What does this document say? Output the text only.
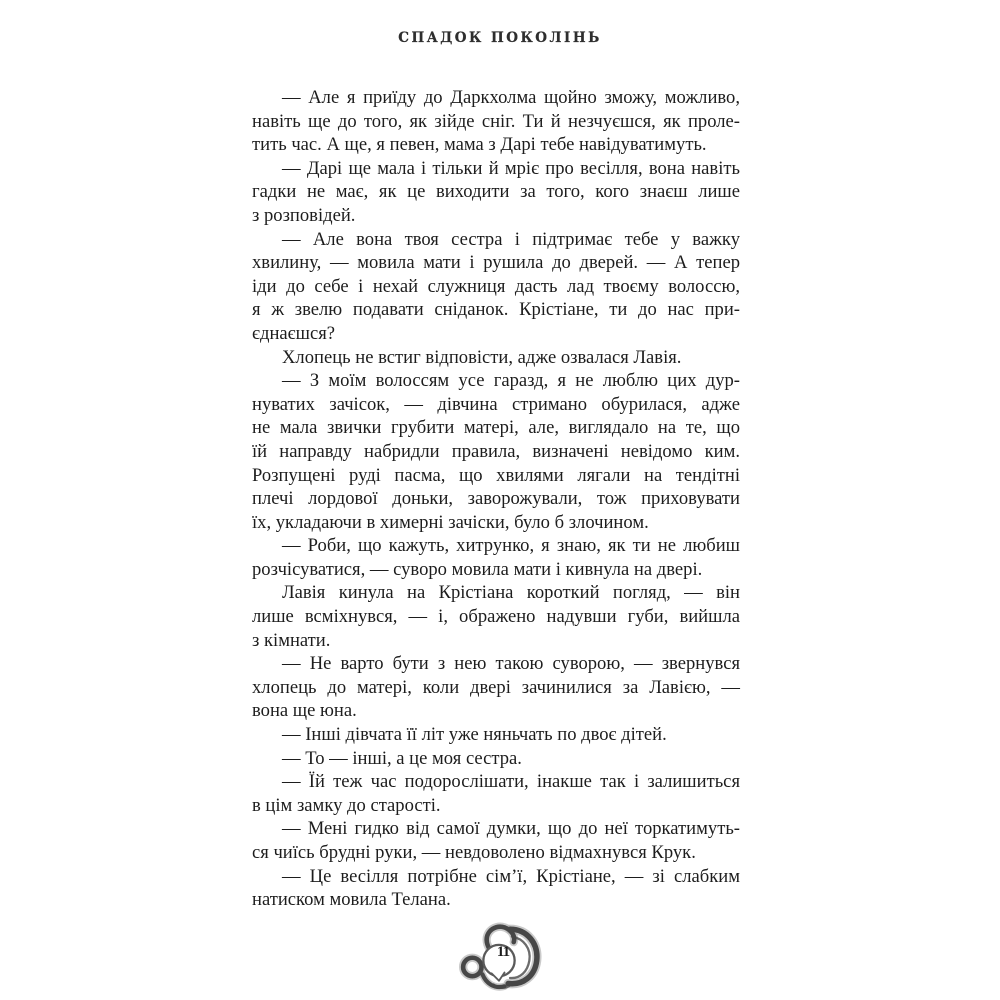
СПАДОК ПОКОЛІНЬ
— Але я приїду до Даркхолма щойно зможу, можливо,
навіть ще до того, як зійде сніг. Ти й незчуєшся, як проле-
тить час. А ще, я певен, мама з Дарі тебе навідуватимуть.
— Дарі ще мала і тільки й мріє про весілля, вона навіть
гадки не має, як це виходити за того, кого знаєш лише
з розповідей.
— Але вона твоя сестра і підтримає тебе у важку
хвилину, — мовила мати і рушила до дверей. — А тепер
іди до себе і нехай служниця дасть лад твоєму волоссю,
я ж звелю подавати сніданок. Крістіане, ти до нас при-
єднаєшся?
Хлопець не встиг відповісти, адже озвалася Лавія.
— З моїм волоссям усе гаразд, я не люблю цих дур-
нуватих зачісок, — дівчина стримано обурилася, адже
не мала звички грубити матері, але, виглядало на те, що
їй направду набридли правила, визначені невідомо ким.
Розпущені руді пасма, що хвилями лягали на тендітні
плечі лордової доньки, заворожували, тож приховувати
їх, укладаючи в химерні зачіски, було б злочином.
— Роби, що кажуть, хитрунко, я знаю, як ти не любиш
розчісуватися, — суворо мовила мати і кивнула на двері.
Лавія кинула на Крістіана короткий погляд, — він
лише всміхнувся, — і, ображено надувши губи, вийшла
з кімнати.
— Не варто бути з нею такою суворою, — звернувся
хлопець до матері, коли двері зачинилися за Лавією, —
вона ще юна.
— Інші дівчата її літ уже няньчать по двоє дітей.
— То — інші, а це моя сестра.
— Їй теж час подорослішати, інакше так і залишиться
в цім замку до старості.
— Мені гидко від самої думки, що до неї торкатимуть-
ся чиїсь брудні руки, — невдоволено відмахнувся Крук.
— Це весілля потрібне сім’ї, Крістіане, — зі слабким
натиском мовила Телана.
11
